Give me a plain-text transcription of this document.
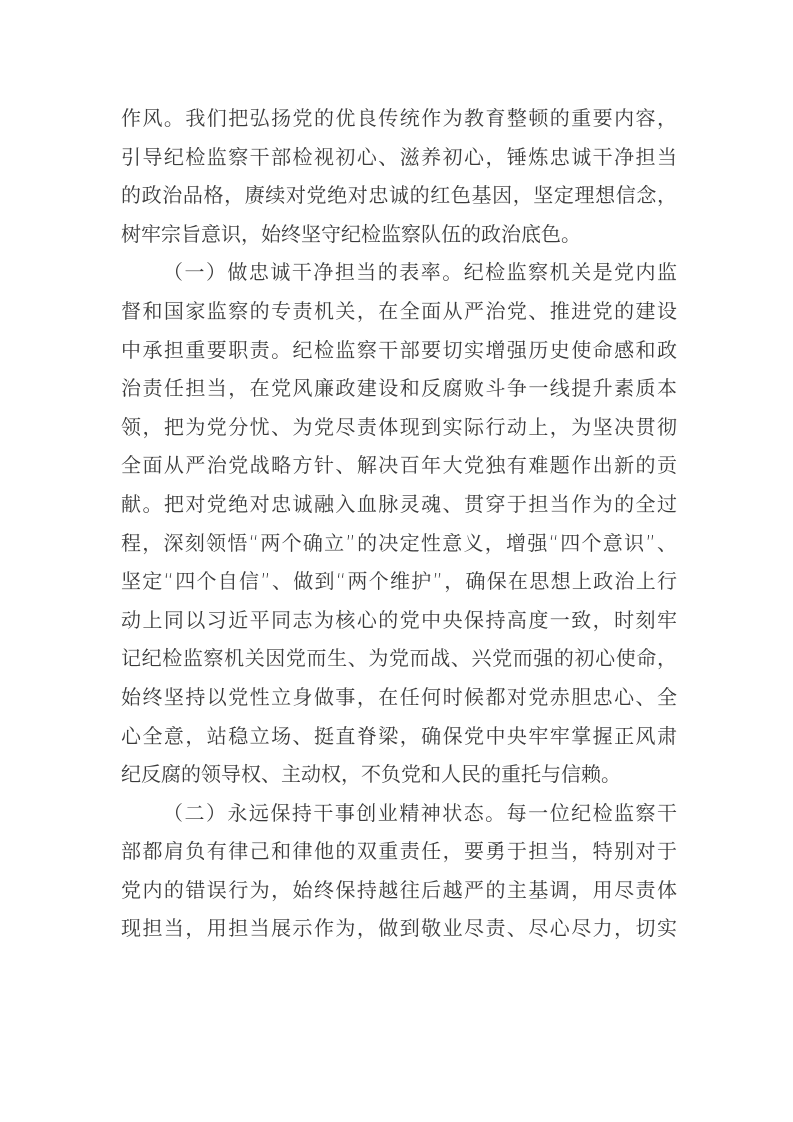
作风。我们把弘扬党的优良传统作为教育整顿的重要内容，
引导纪检监察干部检视初心、滋养初心，锤炼忠诚干净担当
的政治品格，赓续对党绝对忠诚的红色基因，坚定理想信念，
树牢宗旨意识，始终坚守纪检监察队伍的政治底色。
（一）做忠诚干净担当的表率。纪检监察机关是党内监
督和国家监察的专责机关，在全面从严治党、推进党的建设
中承担重要职责。纪检监察干部要切实增强历史使命感和政
治责任担当，在党风廉政建设和反腐败斗争一线提升素质本
领，把为党分忧、为党尽责体现到实际行动上，为坚决贯彻
全面从严治党战略方针、解决百年大党独有难题作出新的贡
献。把对党绝对忠诚融入血脉灵魂、贯穿于担当作为的全过
程，深刻领悟“两个确立”的决定性意义，增强“四个意识”、
坚定“四个自信”、做到“两个维护”，确保在思想上政治上行
动上同以习近平同志为核心的党中央保持高度一致，时刻牢
记纪检监察机关因党而生、为党而战、兴党而强的初心使命，
始终坚持以党性立身做事，在任何时候都对党赤胆忠心、全
心全意，站稳立场、挺直脊梁，确保党中央牢牢掌握正风肃
纪反腐的领导权、主动权，不负党和人民的重托与信赖。
（二）永远保持干事创业精神状态。每一位纪检监察干
部都肩负有律己和律他的双重责任，要勇于担当，特别对于
党内的错误行为，始终保持越往后越严的主基调，用尽责体
现担当，用担当展示作为，做到敬业尽责、尽心尽力，切实
